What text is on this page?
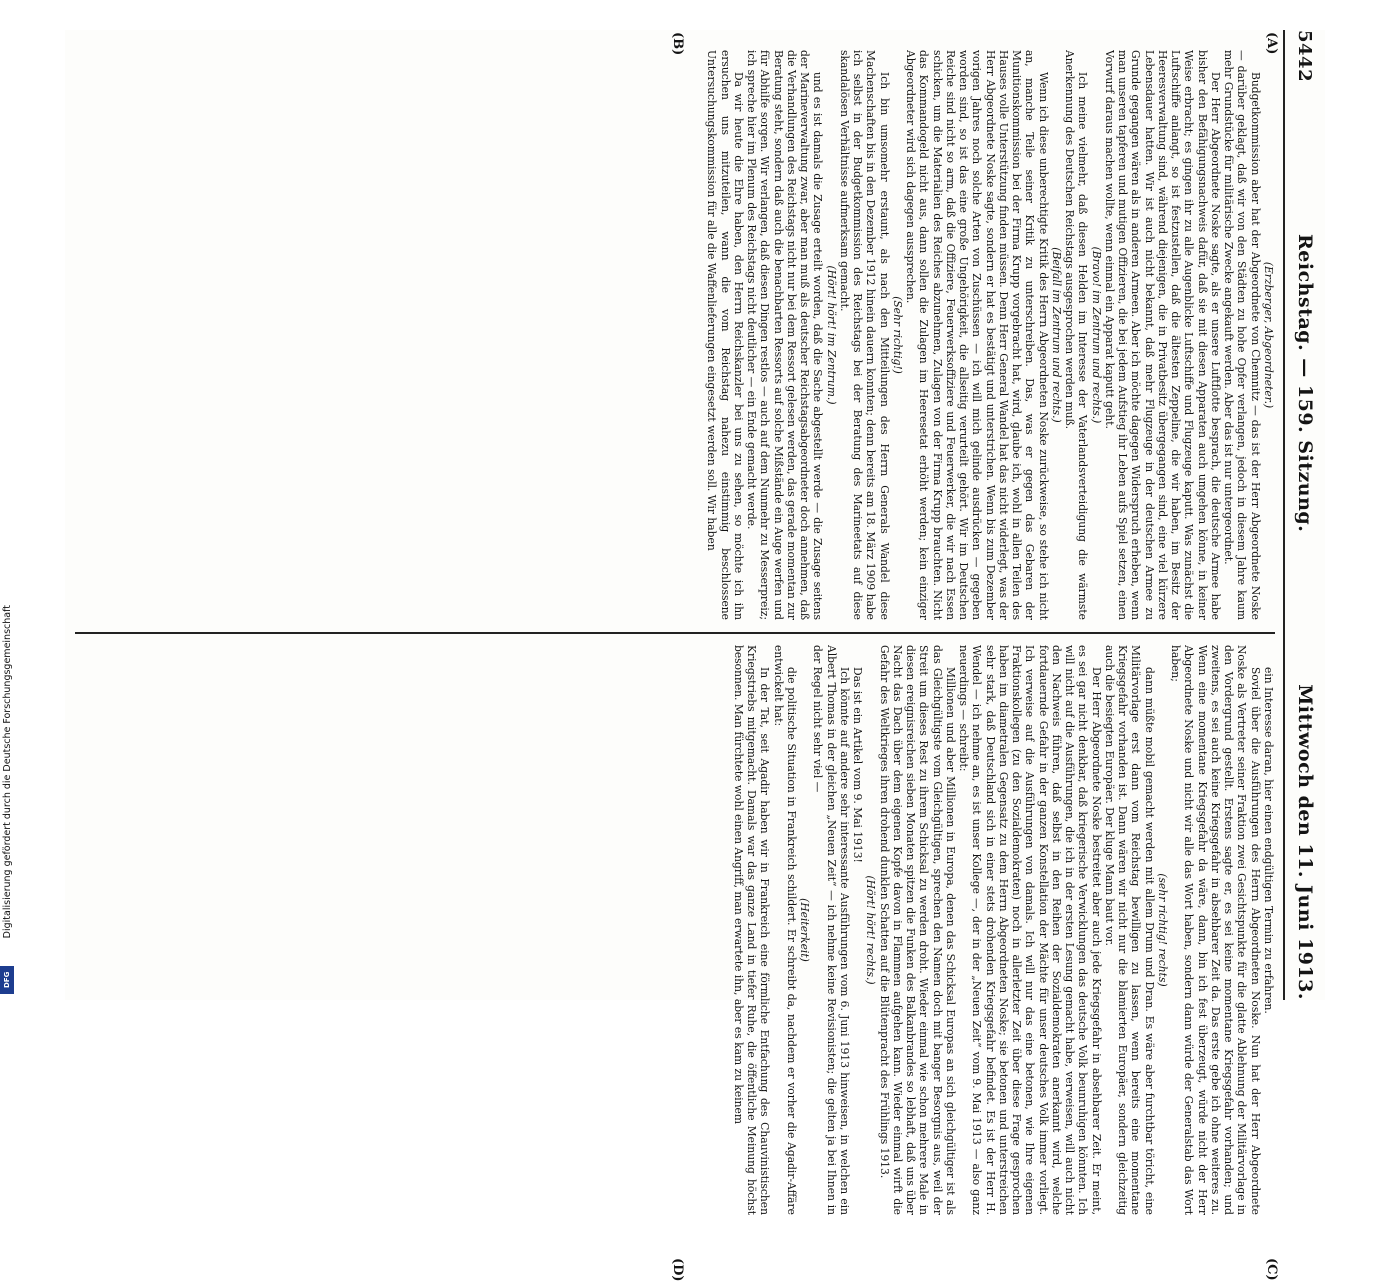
5442
Reichstag. — 159. Sitzung.
Mittwoch den 11. Juni 1913.
(A)
(B)
(C)
(D)

(Erzberger, Abgeordneter.)

Budgetkommission aber hat der Abgeordnete von Chemnitz — das ist der Herr Abgeordnete Noske — darüber geklagt, daß wir von den Städten zu hohe Opfer verlangen, jedoch in diesem Jahre kaum mehr Grundstücke für militärische Zwecke angekauft werden. Aber das ist nur untergeordnet.

Der Herr Abgeordnete Noske sagte, als er unsere Luftflotte besprach, die deutsche Armee habe bisher den Befähigungsnachweis dafür, daß sie mit diesen Apparaten auch umgehen könne, in keiner Weise erbracht; es gingen ihr zu alle Augenblicke Luftschiffe und Flugzeuge kaputt. Was zunächst die Luftschiffe anlangt, so ist festzustellen, daß die ältesten Zeppeline, die wir haben, im Besitz der Heeresverwaltung sind, während diejenigen, die in Privatbesitz übergegangen sind, eine viel kürzere Lebensdauer hatten. Wir ist auch nicht bekannt, daß mehr Flugzeuge in der deutschen Armee zu Grunde gegangen wären als in anderen Armeen. Aber ich möchte dagegen Widerspruch erheben, wenn man unseren tapferen und mutigen Offizieren, die bei jedem Aufstieg ihr Leben aufs Spiel setzen, einen Vorwurf daraus machen wollte, wenn einmal ein Apparat kaputt geht.

(Bravo! im Zentrum und rechts.)

Ich meine vielmehr, daß diesen Helden im Interesse der Vaterlandsverteidigung die wärmste Anerkennung des Deutschen Reichstags ausgesprochen werden muß.

(Beifall im Zentrum und rechts.)

Wenn ich diese unberechtigte Kritik des Herrn Abgeordneten Noske zurückweise, so stehe ich nicht an, manche Teile seiner Kritik zu unterschreiben. Das, was er gegen das Gebaren der Munitionskommission bei der Firma Krupp vorgebracht hat, wird, glaube ich, wohl in allen Teilen des Hauses volle Unterstützung finden müssen. Denn Herr General Wandel hat das nicht widerlegt, was der Herr Abgeordnete Noske sagte, sondern er hat es bestätigt und unterstrichen. Wenn bis zum Dezember vorigen Jahres noch solche Arten von Zuschüssen — ich will mich gelinde ausdrücken — gegeben worden sind, so ist das eine große Ungehörigkeit, die allseitig verurteilt gehört. Wir im Deutschen Reiche sind nicht so arm, daß die Offiziere, Feuerwerksoffiziere und Feuerwerker, die wir nach Essen schicken, um die Materialien des Reiches abzunehmen, Zulagen von der Firma Krupp brauchten. Nicht das Kommandogeld nicht aus, dann sollen die Zulagen im Heeresetat erhöht werden; kein einziger Abgeordneter wird sich dagegen aussprechen.

(Sehr richtig!)

Ich bin umsomehr erstaunt, als nach den Mitteilungen des Herrn Generals Wandel diese Machenschaften bis in den Dezember 1912 hinein dauern konnten; denn bereits am 18. März 1909 habe ich selbst in der Budgetkommission des Reichstags bei der Beratung des Marineetats auf diese skandalösen Verhältnisse aufmerksam gemacht.

(Hört! hört! im Zentrum.)

und es ist damals die Zusage erteilt worden, daß die Sache abgestellt werde — die Zusage seitens der Marineverwaltung zwar, aber man muß als deutscher Reichstagsabgeordneter doch annehmen, daß die Verhandlungen des Reichstags nicht nur bei dem Ressort gelesen werden, das gerade momentan zur Beratung steht, sondern daß auch die benachbarten Ressorts auf solche Mißstände ein Auge werfen und für Abhilfe sorgen. Wir verlangen, daß diesen Dingen restlos — auch auf dem Nunmehr zu Messerpreiz; ich spreche hier im Plenum des Reichstags nicht deutlicher — ein Ende gemacht werde.

Da wir heute die Ehre haben, den Herrn Reichskanzler bei uns zu sehen, so möchte ich ihn ersuchen uns mitzuteilen, wann die vom Reichstag nahezu einstimmig beschlossene Untersuchungskommission für alle die Waffenlieferungen eingesetzt werden soll. Wir haben

ein Interesse daran, hier einen endgültigen Termin zu erfahren.

Soviel über die Ausführungen des Herrn Abgeordneten Noske. Nun hat der Herr Abgeordnete Noske als Vertreter seiner Fraktion zwei Gesichtspunkte für die glatte Ablehnung der Militärvorlage in den Vordergrund gestellt. Erstens sagte er, es sei keine momentane Kriegsgefahr vorhanden; und zweitens, es sei auch keine Kriegsgefahr in absehbarer Zeit da. Das erste gebe ich ohne weiteres zu. Wenn eine momentane Kriegsgefahr da wäre, dann, bin ich fest überzeugt, würde nicht der Herr Abgeordnete Noske und nicht wir alle das Wort haben, sondern dann würde der Generalstab das Wort haben;

(sehr richtig! rechts)

dann müßte mobil gemacht werden mit allem Drum und Dran. Es wäre aber furchtbar töricht, eine Militärvorlage erst dann vom Reichstag bewilligen zu lassen, wenn bereits eine momentane Kriegsgefahr vorhanden ist. Dann wären wir nicht nur die blamierten Europäer, sondern gleichzeitig auch die besiegten Europäer. Der kluge Mann baut vor.

Der Herr Abgeordnete Noske bestreitet aber auch jede Kriegsgefahr in absehbarer Zeit. Er meint, es sei gar nicht denkbar, daß kriegerische Verwicklungen das deutsche Volk beunruhigen könnten. Ich will nicht auf die Ausführungen, die ich in der ersten Lesung gemacht habe, verweisen, will auch nicht den Nachweis führen, daß selbst in den Reihen der Sozialdemokraten anerkannt wird, welche fortdauernde Gefahr in der ganzen Konstellation der Mächte für unser deutsches Volk immer vorliegt. Ich verweise auf die Ausführungen von damals. Ich will nur das eine betonen, wie Ihre eigenen Fraktionskollegen (zu den Sozialdemokraten) noch in allerletzter Zeit über diese Frage gesprochen haben im diametralen Gegensatz zu dem Herrn Abgeordneten Noske; sie betonen und unterstreichen sehr stark, daß Deutschland sich in einer stets drohenden Kriegsgefahr befindet. Es ist der Herr H. Wendel — ich nehme an, es ist unser Kollege —, der in der „Neuen Zeit“ vom 9. Mai 1913 — also ganz neuerdings — schreibt:

Millionen und aber Millionen in Europa, denen das Schicksal Europas an sich gleichgültiger ist als das Gleichgültigste vom Gleichgültigen, sprechen den Namen doch mit banger Besorgnis aus, weil der Streit um dieses Rest zu ihrem Schicksal zu werden droht. Wieder einmal wie schon mehrere Male in diesen ereignisreichen sieben Monaten spitzen die Funken des Balkanbrandes so lebhaft, daß uns über Nacht das Dach über dem eigenen Kopfe davon in Flammen aufgehen kann. Wieder einmal wirft die Gefahr des Weltkrieges ihren drohend dunklen Schatten auf die Blütenpracht des Frühlings 1913.

(Hört! hört! rechts.)

Das ist ein Artikel vom 9. Mai 1913!

Ich könnte auf andere sehr interessante Ausführungen vom 6. Juni 1913 hinweisen, in welchen ein Albert Thomas in der gleichen „Neuen Zeit“ — ich nehme keine Revisionisten; die gelten ja bei Ihnen in der Regel nicht sehr viel —

(Heiterkeit)

die politische Situation in Frankreich schildert. Er schreibt da, nachdem er vorher die Agadir-Affäre entwickelt hat:

In der Tat, seit Agadir haben wir in Frankreich eine förmliche Entfachung des Chauvinistischen Kriegstriebs mitgemacht. Damals war das ganze Land in tiefer Ruhe, die öffentliche Meinung höchst besonnen. Man fürchtete wohl einen Angriff, man erwartete ihn, aber es kam zu keinem

Digitalisierung gefördert durch die Deutsche Forschungsgemeinschaft
DFG
